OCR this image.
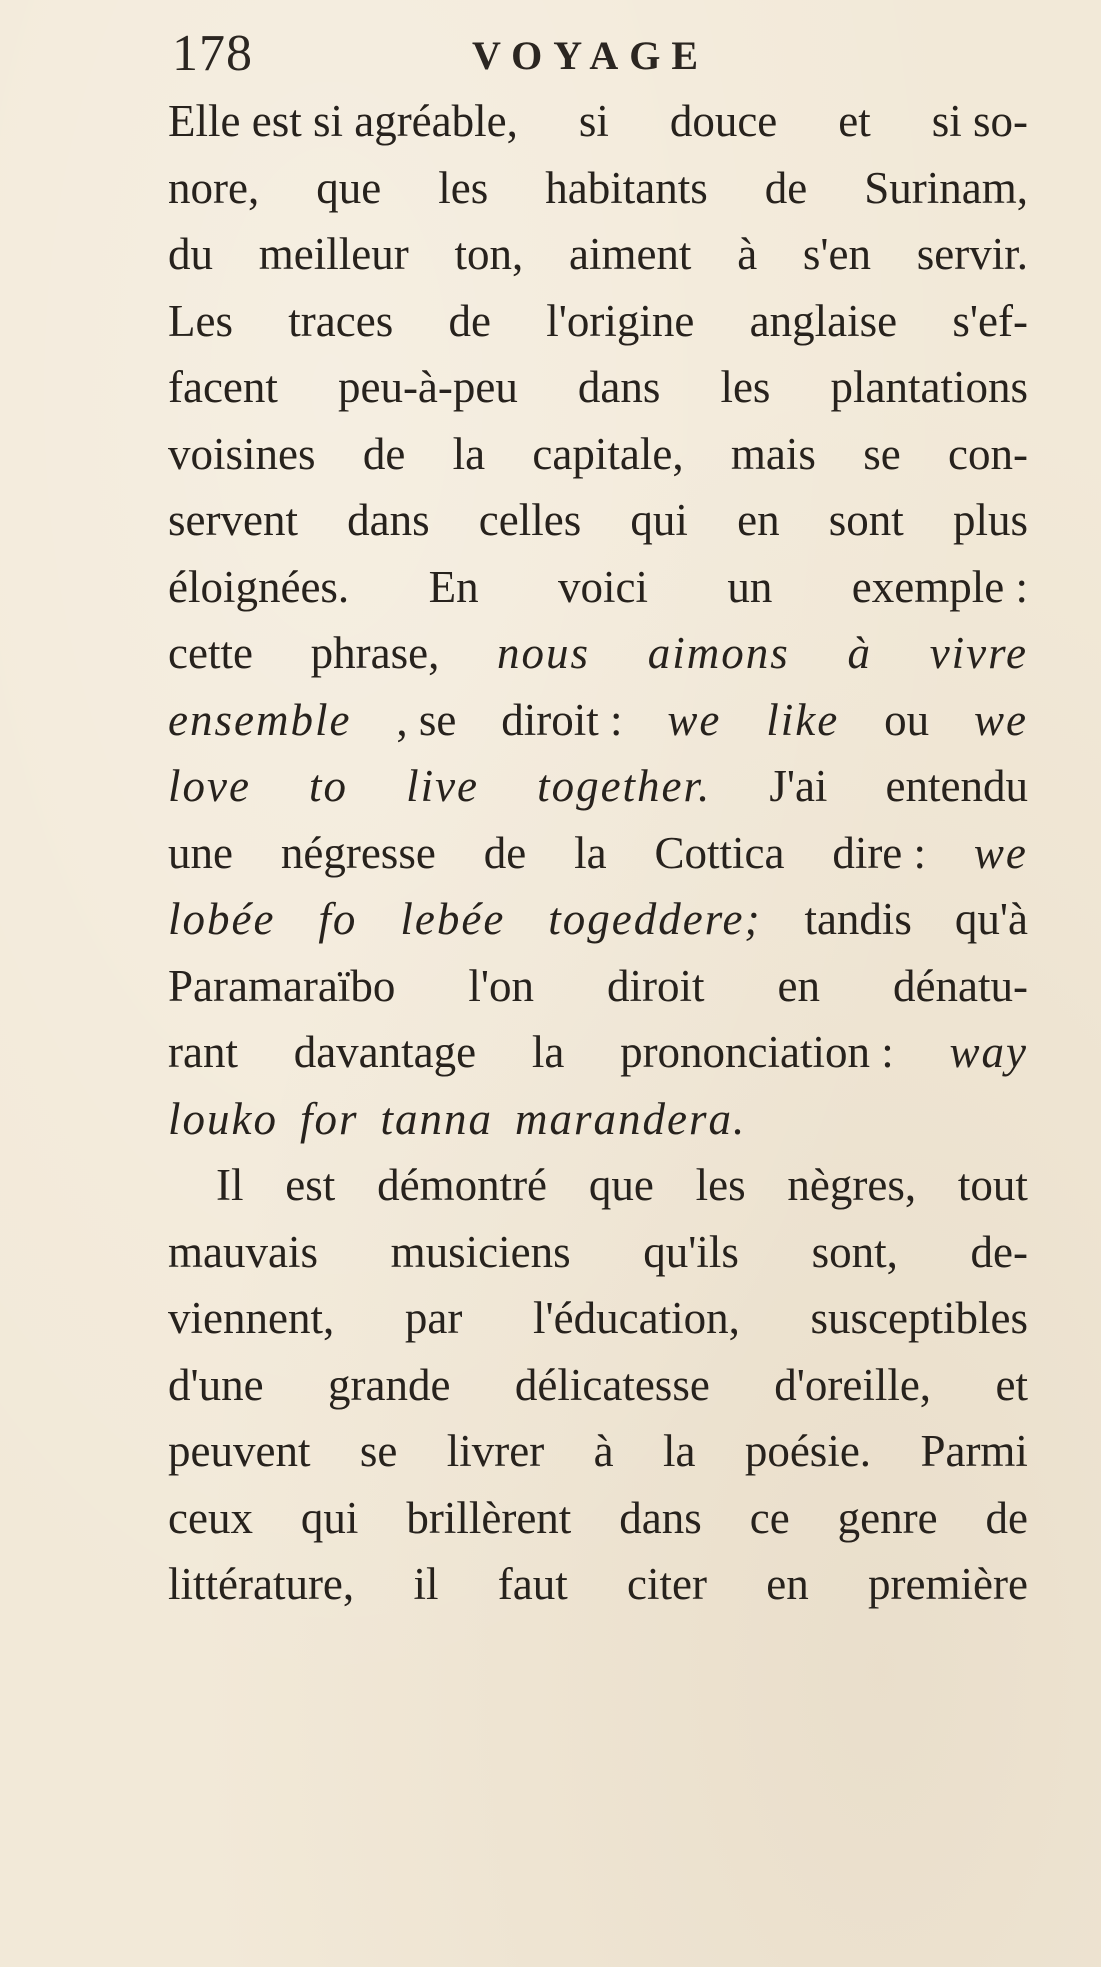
178	VOYAGE
Elle est si agréable, si douce et si so-
nore, que les habitants de Surinam,
du meilleur ton, aiment à s'en servir.
Les traces de l'origine anglaise s'ef-
facent peu-à-peu dans les plantations
voisines de la capitale, mais se con-
servent dans celles qui en sont plus
éloignées. En voici un exemple :
cette phrase, nous aimons à vivre
ensemble , se diroit : we like ou we
love to live together. J'ai entendu
une négresse de la Cottica dire : we
lobée fo lebée togeddere; tandis qu'à
Paramaraïbo l'on diroit en dénatu-
rant davantage la prononciation : way
louko for tanna marandera.
Il est démontré que les nègres, tout
mauvais musiciens qu'ils sont, de-
viennent, par l'éducation, susceptibles
d'une grande délicatesse d'oreille, et
peuvent se livrer à la poésie. Parmi
ceux qui brillèrent dans ce genre de
littérature, il faut citer en première
